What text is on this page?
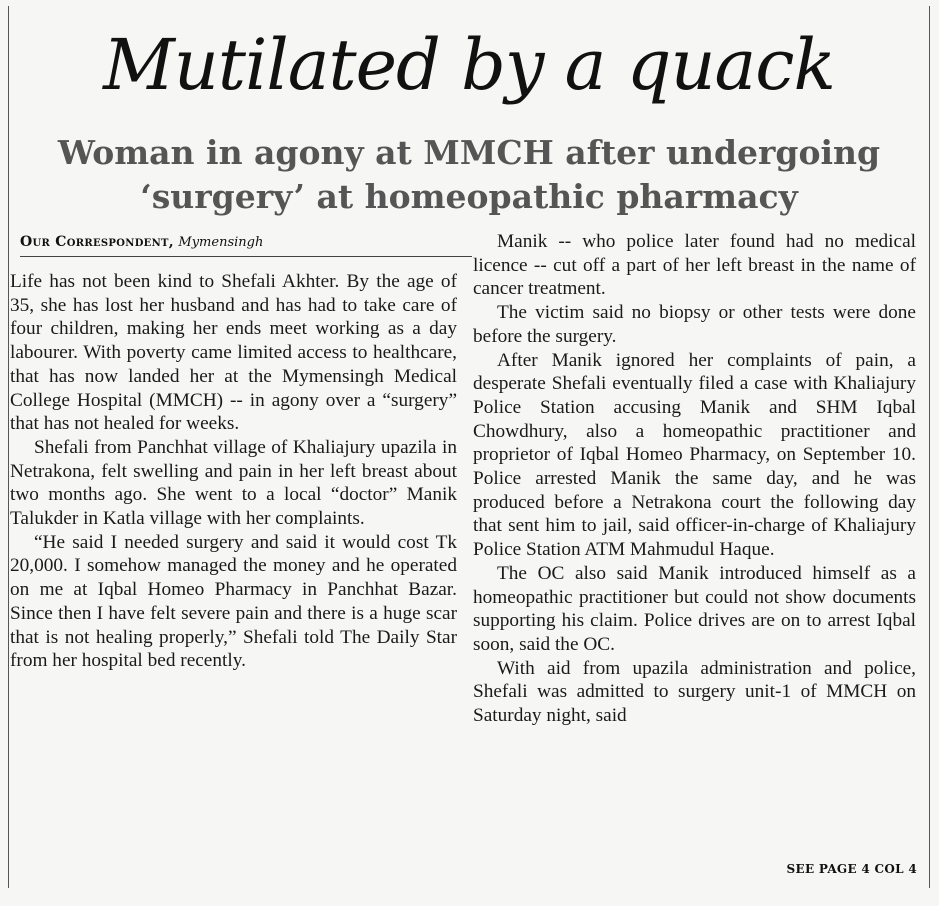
Mutilated by a quack
Woman in agony at MMCH after undergoing
‘surgery’ at homeopathic pharmacy
Our Correspondent, Mymensingh

Life has not been kind to Shefali Akhter. By the age of 35, she has lost her husband and has had to take care of four children, making her ends meet working as a day labourer. With poverty came limited access to healthcare, that has now landed her at the Mymensingh Medical College Hospital (MMCH) -- in agony over a “surgery” that has not healed for weeks.

Shefali from Panchhat village of Khaliajury upazila in Netrakona, felt swelling and pain in her left breast about two months ago. She went to a local “doctor” Manik Talukder in Katla village with her complaints.

“He said I needed surgery and said it would cost Tk 20,000. I somehow managed the money and he operated on me at Iqbal Homeo Pharmacy in Panchhat Bazar. Since then I have felt severe pain and there is a huge scar that is not healing properly,” Shefali told The Daily Star from her hospital bed recently.

Manik -- who police later found had no medical licence -- cut off a part of her left breast in the name of cancer treatment.

The victim said no biopsy or other tests were done before the surgery.

After Manik ignored her complaints of pain, a desperate Shefali eventually filed a case with Khaliajury Police Station accusing Manik and SHM Iqbal Chowdhury, also a homeopathic practitioner and proprietor of Iqbal Homeo Pharmacy, on September 10. Police arrested Manik the same day, and he was produced before a Netrakona court the following day that sent him to jail, said officer-in-charge of Khaliajury Police Station ATM Mahmudul Haque.

The OC also said Manik introduced himself as a homeopathic practitioner but could not show documents supporting his claim. Police drives are on to arrest Iqbal soon, said the OC.

With aid from upazila administration and police, Shefali was admitted to surgery unit-1 of MMCH on Saturday night, said

SEE PAGE 4 COL 4
